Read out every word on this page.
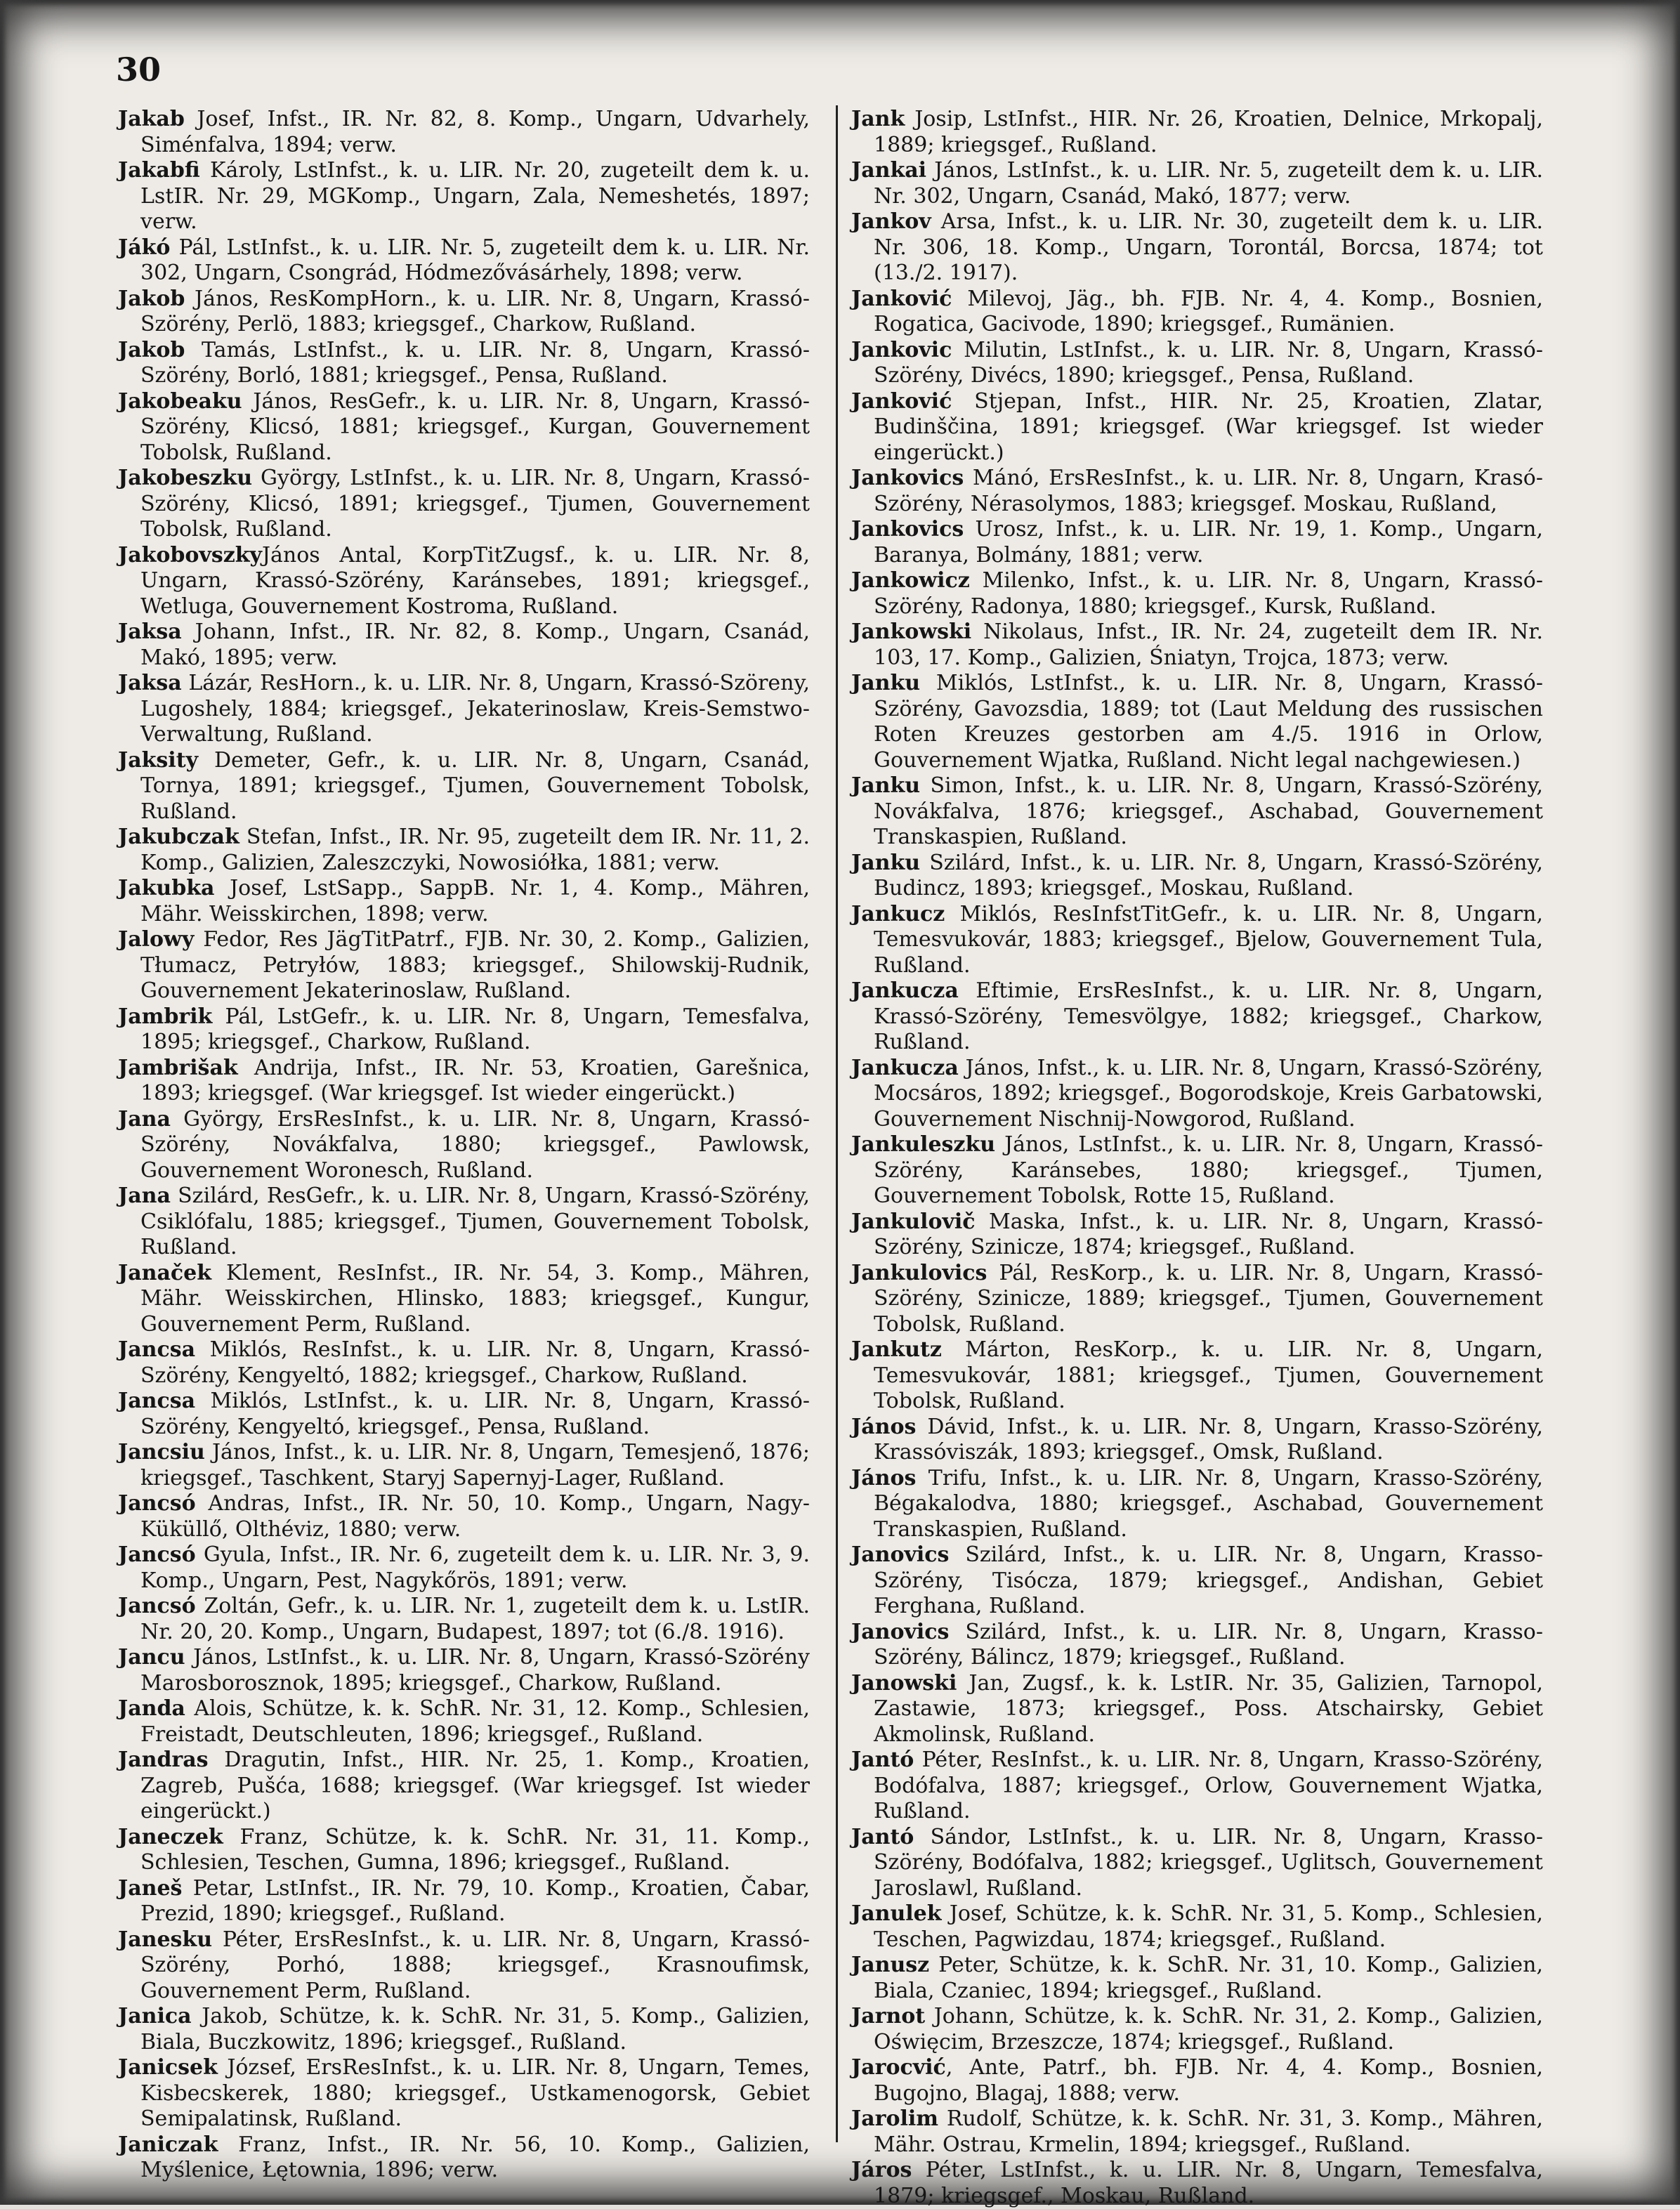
30

Jakab Josef, Infst., IR. Nr. 82, 8. Komp., Ungarn, Udvarhely, Siménfalva, 1894; verw.

Jakabfi Károly, LstInfst., k. u. LIR. Nr. 20, zugeteilt dem k. u. LstIR. Nr. 29, MGKomp., Ungarn, Zala, Nemeshetés, 1897; verw.

Jákó Pál, LstInfst., k. u. LIR. Nr. 5, zugeteilt dem k. u. LIR. Nr. 302, Ungarn, Csongrád, Hódmezővásárhely, 1898; verw.

Jakob János, ResKompHorn., k. u. LIR. Nr. 8, Ungarn, Krassó-Szörény, Perlö, 1883; kriegsgef., Charkow, Rußland.

Jakob Tamás, LstInfst., k. u. LIR. Nr. 8, Ungarn, Krassó-Szörény, Borló, 1881; kriegsgef., Pensa, Rußland.

Jakobeaku János, ResGefr., k. u. LIR. Nr. 8, Ungarn, Krassó-Szörény, Klicsó, 1881; kriegsgef., Kurgan, Gouvernement Tobolsk, Rußland.

Jakobeszku György, LstInfst., k. u. LIR. Nr. 8, Ungarn, Krassó-Szörény, Klicsó, 1891; kriegsgef., Tjumen, Gouvernement Tobolsk, Rußland.

JakobovszkyJános Antal, KorpTitZugsf., k. u. LIR. Nr. 8, Ungarn, Krassó-Szörény, Karánsebes, 1891; kriegsgef., Wetluga, Gouvernement Kostroma, Rußland.

Jaksa Johann, Infst., IR. Nr. 82, 8. Komp., Ungarn, Csanád, Makó, 1895; verw.

Jaksa Lázár, ResHorn., k. u. LIR. Nr. 8, Ungarn, Krassó-Szöreny, Lugoshely, 1884; kriegsgef., Jekaterinoslaw, Kreis-Semstwo-Verwaltung, Rußland.

Jaksity Demeter, Gefr., k. u. LIR. Nr. 8, Ungarn, Csanád, Tornya, 1891; kriegsgef., Tjumen, Gouvernement Tobolsk, Rußland.

Jakubczak Stefan, Infst., IR. Nr. 95, zugeteilt dem IR. Nr. 11, 2. Komp., Galizien, Zaleszczyki, Nowosiółka, 1881; verw.

Jakubka Josef, LstSapp., SappB. Nr. 1, 4. Komp., Mähren, Mähr. Weisskirchen, 1898; verw.

Jalowy Fedor, Res JägTitPatrf., FJB. Nr. 30, 2. Komp., Galizien, Tłumacz, Petryłów, 1883; kriegsgef., Shilowskij-Rudnik, Gouvernement Jekaterinoslaw, Rußland.

Jambrik Pál, LstGefr., k. u. LIR. Nr. 8, Ungarn, Temesfalva, 1895; kriegsgef., Charkow, Rußland.

Jambrišak Andrija, Infst., IR. Nr. 53, Kroatien, Garešnica, 1893; kriegsgef. (War kriegsgef. Ist wieder eingerückt.)

Jana György, ErsResInfst., k. u. LIR. Nr. 8, Ungarn, Krassó-Szörény, Novákfalva, 1880; kriegsgef., Pawlowsk, Gouvernement Woronesch, Rußland.

Jana Szilárd, ResGefr., k. u. LIR. Nr. 8, Ungarn, Krassó-Szörény, Csiklófalu, 1885; kriegsgef., Tjumen, Gouvernement Tobolsk, Rußland.

Janaček Klement, ResInfst., IR. Nr. 54, 3. Komp., Mähren, Mähr. Weisskirchen, Hlinsko, 1883; kriegsgef., Kungur, Gouvernement Perm, Rußland.

Jancsa Miklós, ResInfst., k. u. LIR. Nr. 8, Ungarn, Krassó-Szörény, Kengyeltó, 1882; kriegsgef., Charkow, Rußland.

Jancsa Miklós, LstInfst., k. u. LIR. Nr. 8, Ungarn, Krassó-Szörény, Kengyeltó, kriegsgef., Pensa, Rußland.

Jancsiu János, Infst., k. u. LIR. Nr. 8, Ungarn, Temesjenő, 1876; kriegsgef., Taschkent, Staryj Sapernyj-Lager, Rußland.

Jancsó Andras, Infst., IR. Nr. 50, 10. Komp., Ungarn, Nagy-Küküllő, Olthéviz, 1880; verw.

Jancsó Gyula, Infst., IR. Nr. 6, zugeteilt dem k. u. LIR. Nr. 3, 9. Komp., Ungarn, Pest, Nagykőrös, 1891; verw.

Jancsó Zoltán, Gefr., k. u. LIR. Nr. 1, zugeteilt dem k. u. LstIR. Nr. 20, 20. Komp., Ungarn, Budapest, 1897; tot (6./8. 1916).

Jancu János, LstInfst., k. u. LIR. Nr. 8, Ungarn, Krassó-Szörény Marosborosznok, 1895; kriegsgef., Charkow, Rußland.

Janda Alois, Schütze, k. k. SchR. Nr. 31, 12. Komp., Schlesien, Freistadt, Deutschleuten, 1896; kriegsgef., Rußland.

Jandras Dragutin, Infst., HIR. Nr. 25, 1. Komp., Kroatien, Zagreb, Pušća, 1688; kriegsgef. (War kriegsgef. Ist wieder eingerückt.)

Janeczek Franz, Schütze, k. k. SchR. Nr. 31, 11. Komp., Schlesien, Teschen, Gumna, 1896; kriegsgef., Rußland.

Janeš Petar, LstInfst., IR. Nr. 79, 10. Komp., Kroatien, Čabar, Prezid, 1890; kriegsgef., Rußland.

Janesku Péter, ErsResInfst., k. u. LIR. Nr. 8, Ungarn, Krassó-Szörény, Porhó, 1888; kriegsgef., Krasnoufimsk, Gouvernement Perm, Rußland.

Janica Jakob, Schütze, k. k. SchR. Nr. 31, 5. Komp., Galizien, Biala, Buczkowitz, 1896; kriegsgef., Rußland.

Janicsek József, ErsResInfst., k. u. LIR. Nr. 8, Ungarn, Temes, Kisbecskerek, 1880; kriegsgef., Ustkamenogorsk, Gebiet Semipalatinsk, Rußland.

Janiczak Franz, Infst., IR. Nr. 56, 10. Komp., Galizien, Myślenice, Łętownia, 1896; verw.

Jank Josip, LstInfst., HIR. Nr. 26, Kroatien, Delnice, Mrkopalj, 1889; kriegsgef., Rußland.

Jankai János, LstInfst., k. u. LIR. Nr. 5, zugeteilt dem k. u. LIR. Nr. 302, Ungarn, Csanád, Makó, 1877; verw.

Jankov Arsa, Infst., k. u. LIR. Nr. 30, zugeteilt dem k. u. LIR. Nr. 306, 18. Komp., Ungarn, Torontál, Borcsa, 1874; tot (13./2. 1917).

Janković Milevoj, Jäg., bh. FJB. Nr. 4, 4. Komp., Bosnien, Rogatica, Gacivode, 1890; kriegsgef., Rumänien.

Jankovic Milutin, LstInfst., k. u. LIR. Nr. 8, Ungarn, Krassó-Szörény, Divécs, 1890; kriegsgef., Pensa, Rußland.

Janković Stjepan, Infst., HIR. Nr. 25, Kroatien, Zlatar, Budinščina, 1891; kriegsgef. (War kriegsgef. Ist wieder eingerückt.)

Jankovics Mánó, ErsResInfst., k. u. LIR. Nr. 8, Ungarn, Krasó-Szörény, Nérasolymos, 1883; kriegsgef. Moskau, Rußland,

Jankovics Urosz, Infst., k. u. LIR. Nr. 19, 1. Komp., Ungarn, Baranya, Bolmány, 1881; verw.

Jankowicz Milenko, Infst., k. u. LIR. Nr. 8, Ungarn, Krassó-Szörény, Radonya, 1880; kriegsgef., Kursk, Rußland.

Jankowski Nikolaus, Infst., IR. Nr. 24, zugeteilt dem IR. Nr. 103, 17. Komp., Galizien, Śniatyn, Trojca, 1873; verw.

Janku Miklós, LstInfst., k. u. LIR. Nr. 8, Ungarn, Krassó-Szörény, Gavozsdia, 1889; tot (Laut Meldung des russischen Roten Kreuzes gestorben am 4./5. 1916 in Orlow, Gouvernement Wjatka, Rußland. Nicht legal nachgewiesen.)

Janku Simon, Infst., k. u. LIR. Nr. 8, Ungarn, Krassó-Szörény, Novákfalva, 1876; kriegsgef., Aschabad, Gouvernement Transkaspien, Rußland.

Janku Szilárd, Infst., k. u. LIR. Nr. 8, Ungarn, Krassó-Szörény, Budincz, 1893; kriegsgef., Moskau, Rußland.

Jankucz Miklós, ResInfstTitGefr., k. u. LIR. Nr. 8, Ungarn, Temesvukovár, 1883; kriegsgef., Bjelow, Gouvernement Tula, Rußland.

Jankucza Eftimie, ErsResInfst., k. u. LIR. Nr. 8, Ungarn, Krassó-Szörény, Temesvölgye, 1882; kriegsgef., Charkow, Rußland.

Jankucza János, Infst., k. u. LIR. Nr. 8, Ungarn, Krassó-Szörény, Mocsáros, 1892; kriegsgef., Bogorodskoje, Kreis Garbatowski, Gouvernement Nischnij-Nowgorod, Rußland.

Jankuleszku János, LstInfst., k. u. LIR. Nr. 8, Ungarn, Krassó-Szörény, Karánsebes, 1880; kriegsgef., Tjumen, Gouvernement Tobolsk, Rotte 15, Rußland.

Jankulovič Maska, Infst., k. u. LIR. Nr. 8, Ungarn, Krassó-Szörény, Szinicze, 1874; kriegsgef., Rußland.

Jankulovics Pál, ResKorp., k. u. LIR. Nr. 8, Ungarn, Krassó-Szörény, Szinicze, 1889; kriegsgef., Tjumen, Gouvernement Tobolsk, Rußland.

Jankutz Márton, ResKorp., k. u. LIR. Nr. 8, Ungarn, Temesvukovár, 1881; kriegsgef., Tjumen, Gouvernement Tobolsk, Rußland.

János Dávid, Infst., k. u. LIR. Nr. 8, Ungarn, Krasso-Szörény, Krassóviszák, 1893; kriegsgef., Omsk, Rußland.

János Trifu, Infst., k. u. LIR. Nr. 8, Ungarn, Krasso-Szörény, Bégakalodva, 1880; kriegsgef., Aschabad, Gouvernement Transkaspien, Rußland.

Janovics Szilárd, Infst., k. u. LIR. Nr. 8, Ungarn, Krasso-Szörény, Tisócza, 1879; kriegsgef., Andishan, Gebiet Ferghana, Rußland.

Janovics Szilárd, Infst., k. u. LIR. Nr. 8, Ungarn, Krasso-Szörény, Bálincz, 1879; kriegsgef., Rußland.

Janowski Jan, Zugsf., k. k. LstIR. Nr. 35, Galizien, Tarnopol, Zastawie, 1873; kriegsgef., Poss. Atschairsky, Gebiet Akmolinsk, Rußland.

Jantó Péter, ResInfst., k. u. LIR. Nr. 8, Ungarn, Krasso-Szörény, Bodófalva, 1887; kriegsgef., Orlow, Gouvernement Wjatka, Rußland.

Jantó Sándor, LstInfst., k. u. LIR. Nr. 8, Ungarn, Krasso-Szörény, Bodófalva, 1882; kriegsgef., Uglitsch, Gouvernement Jaroslawl, Rußland.

Janulek Josef, Schütze, k. k. SchR. Nr. 31, 5. Komp., Schlesien, Teschen, Pagwizdau, 1874; kriegsgef., Rußland.

Janusz Peter, Schütze, k. k. SchR. Nr. 31, 10. Komp., Galizien, Biala, Czaniec, 1894; kriegsgef., Rußland.

Jarnot Johann, Schütze, k. k. SchR. Nr. 31, 2. Komp., Galizien, Oświęcim, Brzeszcze, 1874; kriegsgef., Rußland.

Jarocvić, Ante, Patrf., bh. FJB. Nr. 4, 4. Komp., Bosnien, Bugojno, Blagaj, 1888; verw.

Jarolim Rudolf, Schütze, k. k. SchR. Nr. 31, 3. Komp., Mähren, Mähr. Ostrau, Krmelin, 1894; kriegsgef., Rußland.

Járos Péter, LstInfst., k. u. LIR. Nr. 8, Ungarn, Temesfalva, 1879; kriegsgef., Moskau, Rußland.
